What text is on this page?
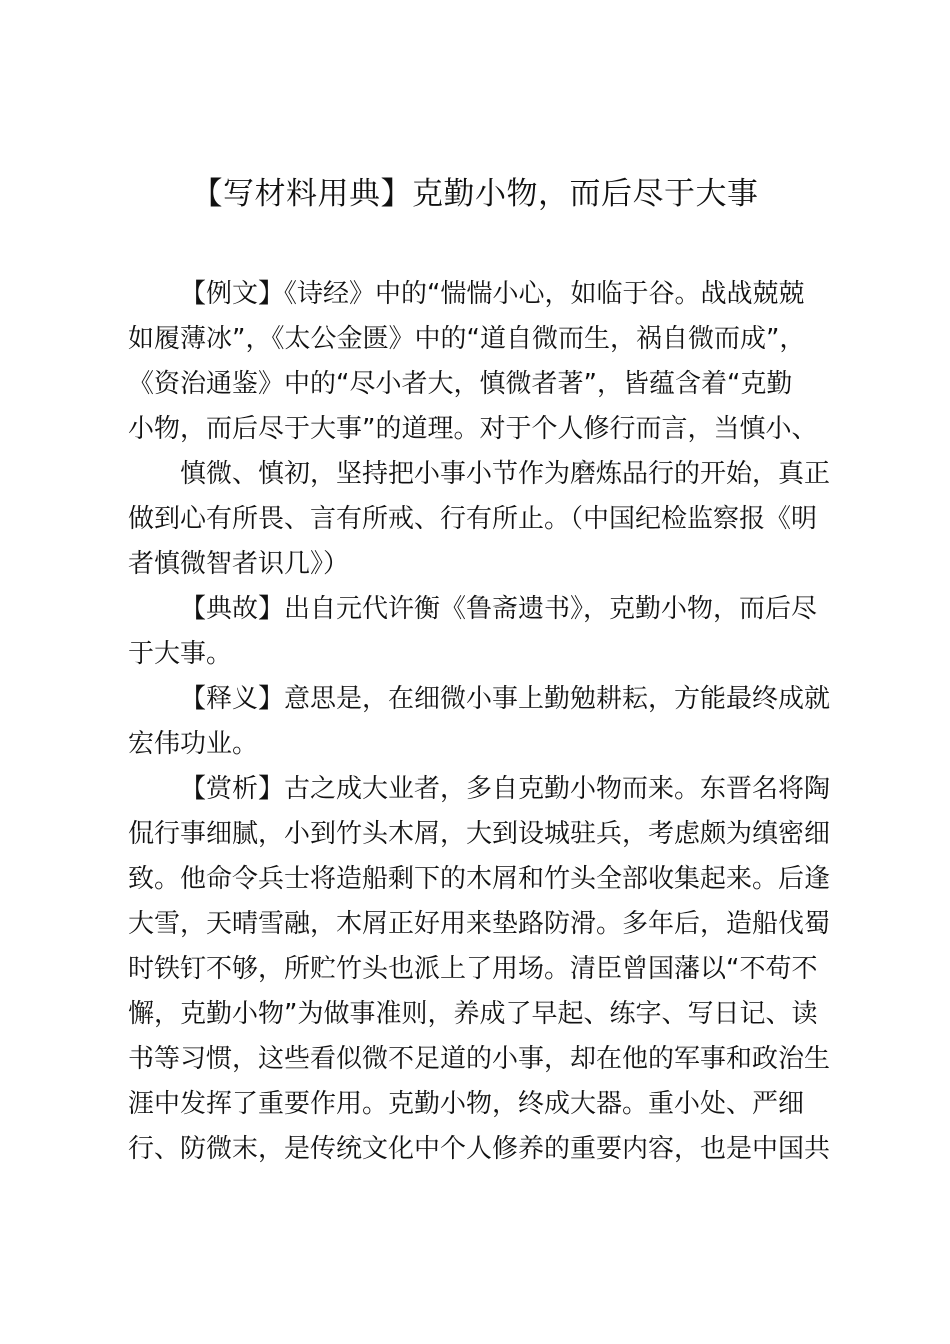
【写材料用典】克勤小物，而后尽于大事
【例文】《诗经》中的“惴惴小心，如临于谷。战战兢兢
如履薄冰”，《太公金匮》中的“道自微而生，祸自微而成”，
《资治通鉴》中的“尽小者大，慎微者著”，皆蕴含着“克勤
小物，而后尽于大事”的道理。对于个人修行而言，当慎小、
慎微、慎初，坚持把小事小节作为磨炼品行的开始，真正
做到心有所畏、言有所戒、行有所止。（中国纪检监察报《明
者慎微智者识几》）
【典故】出自元代许衡《鲁斋遗书》，克勤小物，而后尽
于大事。
【释义】意思是，在细微小事上勤勉耕耘，方能最终成就
宏伟功业。
【赏析】古之成大业者，多自克勤小物而来。东晋名将陶
侃行事细腻，小到竹头木屑，大到设城驻兵，考虑颇为缜密细
致。他命令兵士将造船剩下的木屑和竹头全部收集起来。后逢
大雪，天晴雪融，木屑正好用来垫路防滑。多年后，造船伐蜀
时铁钉不够，所贮竹头也派上了用场。清臣曾国藩以“不苟不
懈，克勤小物”为做事准则，养成了早起、练字、写日记、读
书等习惯，这些看似微不足道的小事，却在他的军事和政治生
涯中发挥了重要作用。克勤小物，终成大器。重小处、严细
行、防微末，是传统文化中个人修养的重要内容，也是中国共
